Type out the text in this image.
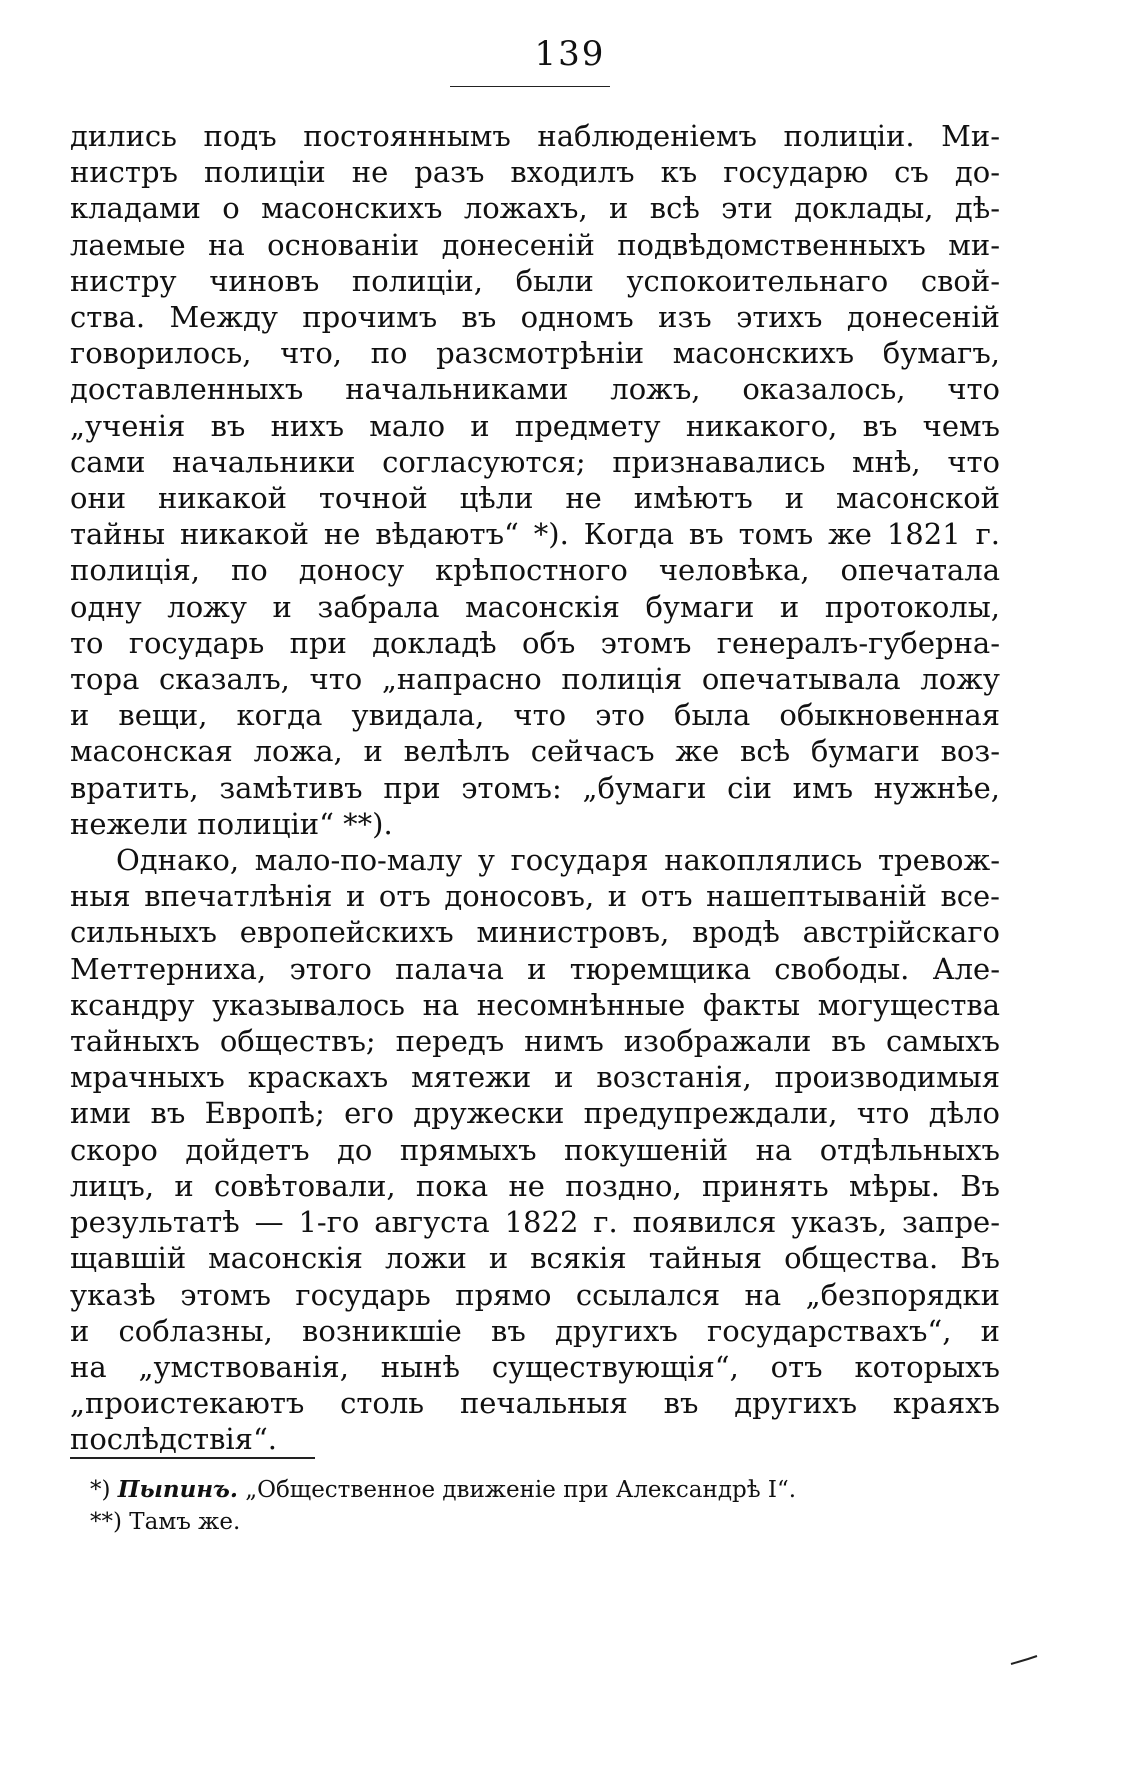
139
дились подъ постояннымъ наблюденіемъ полиціи. Ми-
нистръ полиціи не разъ входилъ къ государю съ до-
кладами о масонскихъ ложахъ, и всѣ эти доклады, дѣ-
лаемые на основаніи донесеній подвѣдомственныхъ ми-
нистру чиновъ полиціи, были успокоительнаго свой-
ства. Между прочимъ въ одномъ изъ этихъ донесеній
говорилось, что, по разсмотрѣніи масонскихъ бумагъ,
доставленныхъ начальниками ложъ, оказалось, что
„ученія въ нихъ мало и предмету никакого, въ чемъ
сами начальники согласуются; признавались мнѣ, что
они никакой точной цѣли не имѣютъ и масонской
тайны никакой не вѣдаютъ“ *). Когда въ томъ же 1821 г.
полиція, по доносу крѣпостного человѣка, опечатала
одну ложу и забрала масонскія бумаги и протоколы,
то государь при докладѣ объ этомъ генералъ-губерна-
тора сказалъ, что „напрасно полиція опечатывала ложу
и вещи, когда увидала, что это была обыкновенная
масонская ложа, и велѣлъ сейчасъ же всѣ бумаги воз-
вратить, замѣтивъ при этомъ: „бумаги сіи имъ нужнѣе,
нежели полиціи“ **).
Однако, мало-по-малу у государя накоплялись тревож-
ныя впечатлѣнія и отъ доносовъ, и отъ нашептываній все-
сильныхъ европейскихъ министровъ, вродѣ австрійскаго
Меттерниха, этого палача и тюремщика свободы. Але-
ксандру указывалось на несомнѣнные факты могущества
тайныхъ обществъ; передъ нимъ изображали въ самыхъ
мрачныхъ краскахъ мятежи и возстанія, производимыя
ими въ Европѣ; его дружески предупреждали, что дѣло
скоро дойдетъ до прямыхъ покушеній на отдѣльныхъ
лицъ, и совѣтовали, пока не поздно, принять мѣры. Въ
результатѣ — 1-го августа 1822 г. появился указъ, запре-
щавшій масонскія ложи и всякія тайныя общества. Въ
указѣ этомъ государь прямо ссылался на „безпорядки
и соблазны, возникшіе въ другихъ государствахъ“, и
на „умствованія, нынѣ существующія“, отъ которыхъ
„проистекаютъ столь печальныя въ другихъ краяхъ
послѣдствія“.
*) Пыпинъ. „Общественное движеніе при Александрѣ I“.
**) Тамъ же.
